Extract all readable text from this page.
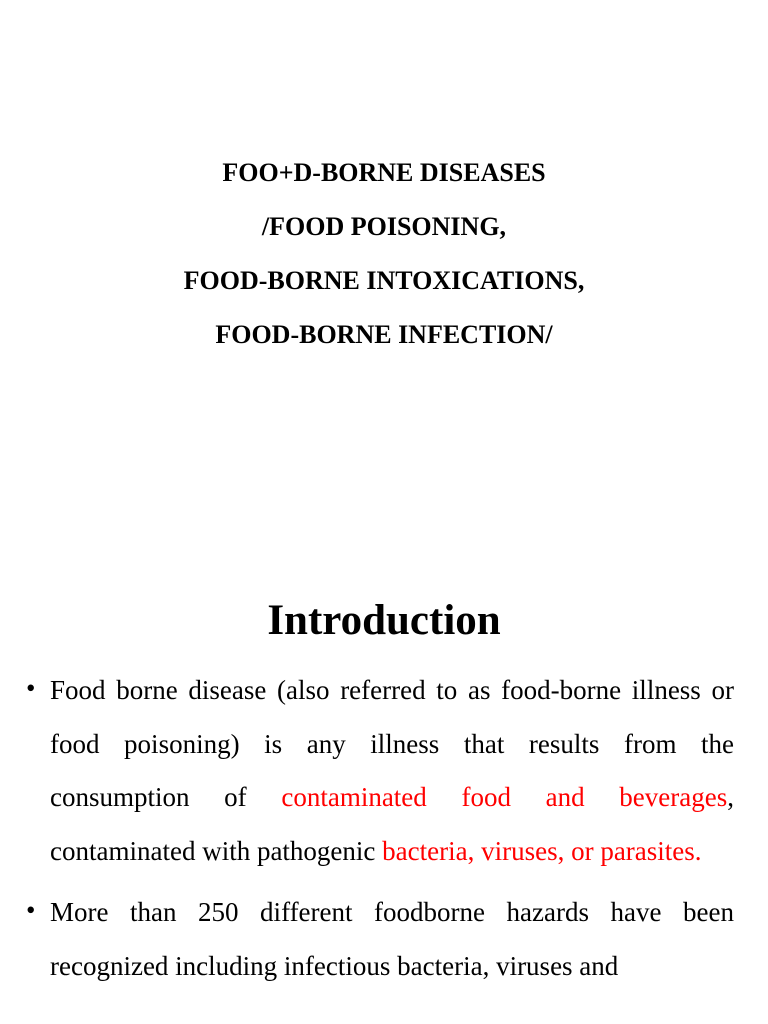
FOO+D-BORNE DISEASES
/FOOD POISONING,
FOOD-BORNE INTOXICATIONS,
FOOD-BORNE INFECTION/
Introduction
• Food borne disease (also referred to as food-borne illness or food poisoning) is any illness that results from the consumption of contaminated food and beverages, contaminated with pathogenic bacteria, viruses, or parasites.
• More than 250 different foodborne hazards have been recognized including infectious bacteria, viruses and
